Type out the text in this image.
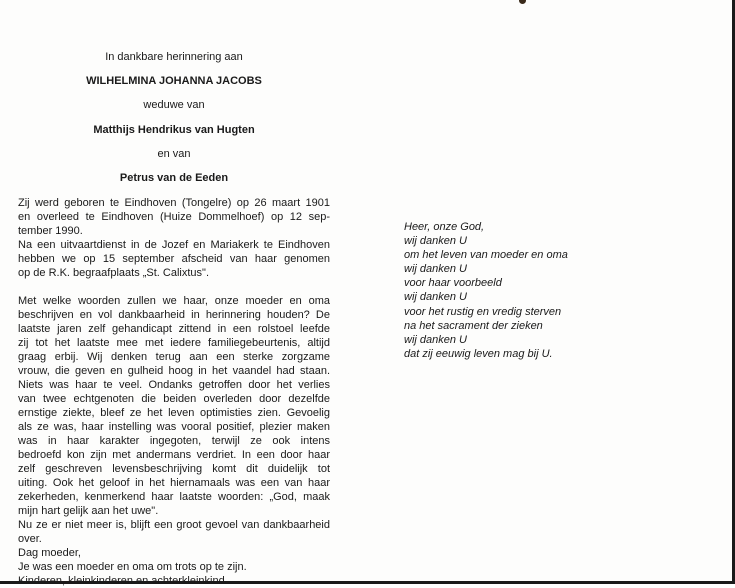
In dankbare herinnering aan
WILHELMINA JOHANNA JACOBS
weduwe van
Matthijs Hendrikus van Hugten
en van
Petrus van de Eeden
Zij werd geboren te Eindhoven (Tongelre) op 26 maart 1901
en overleed te Eindhoven (Huize Dommelhoef) op 12 sep-
tember 1990.
Na een uitvaartdienst in de Jozef en Mariakerk te Eindhoven
hebben we op 15 september afscheid van haar genomen
op de R.K. begraafplaats „St. Calixtus".
Met welke woorden zullen we haar, onze moeder en oma
beschrijven en vol dankbaarheid in herinnering houden? De
laatste jaren zelf gehandicapt zittend in een rolstoel leefde
zij tot het laatste mee met iedere familiegebeurtenis, altijd
graag erbij. Wij denken terug aan een sterke zorgzame
vrouw, die geven en gulheid hoog in het vaandel had staan.
Niets was haar te veel. Ondanks getroffen door het verlies
van twee echtgenoten die beiden overleden door dezelfde
ernstige ziekte, bleef ze het leven optimisties zien. Gevoelig
als ze was, haar instelling was vooral positief, plezier maken
was in haar karakter ingegoten, terwijl ze ook intens
bedroefd kon zijn met andermans verdriet. In een door haar
zelf geschreven levensbeschrijving komt dit duidelijk tot
uiting. Ook het geloof in het hiernamaals was een van haar
zekerheden, kenmerkend haar laatste woorden: „God, maak
mijn hart gelijk aan het uwe".
Nu ze er niet meer is, blijft een groot gevoel van dankbaarheid
over.
Dag moeder,
Je was een moeder en oma om trots op te zijn.
Kinderen, kleinkinderen en achterkleinkind.
Heer, onze God,
wij danken U
om het leven van moeder en oma
wij danken U
voor haar voorbeeld
wij danken U
voor het rustig en vredig sterven
na het sacrament der zieken
wij danken U
dat zij eeuwig leven mag bij U.
